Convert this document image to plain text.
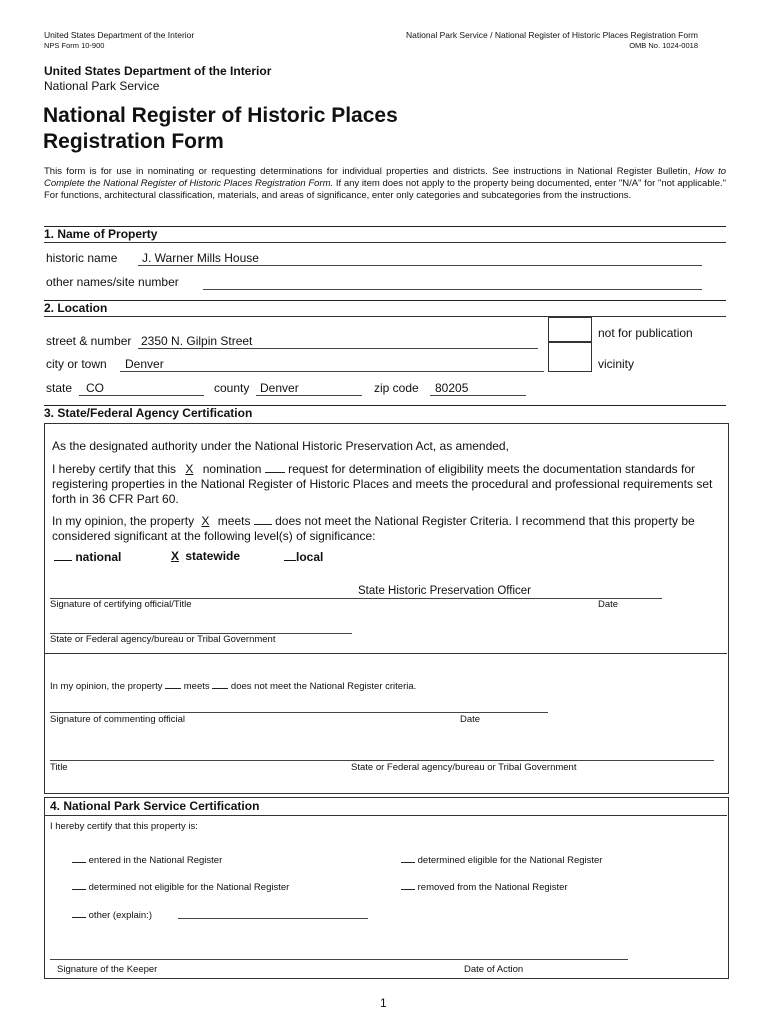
United States Department of the Interior
NPS Form 10-900
National Park Service / National Register of Historic Places Registration Form
OMB No. 1024-0018
United States Department of the Interior
National Park Service
National Register of Historic Places
Registration Form
This form is for use in nominating or requesting determinations for individual properties and districts. See instructions in National Register Bulletin, How to Complete the National Register of Historic Places Registration Form. If any item does not apply to the property being documented, enter "N/A" for "not applicable." For functions, architectural classification, materials, and areas of significance, enter only categories and subcategories from the instructions.
1. Name of Property
historic name J. Warner Mills House
other names/site number
2. Location
not for publication
vicinity
street & number 2350 N. Gilpin Street
city or town Denver
state CO	county Denver	zip code 80205
3. State/Federal Agency Certification
As the designated authority under the National Historic Preservation Act, as amended,
I hereby certify that this X nomination  request for determination of eligibility meets the documentation standards for registering properties in the National Register of Historic Places and meets the procedural and professional requirements set forth in 36 CFR Part 60.
In my opinion, the property X meets  does not meet the National Register Criteria. I recommend that this property be considered significant at the following level(s) of significance:
national	X statewide	local
State Historic Preservation Officer
Signature of certifying official/Title	Date
State or Federal agency/bureau or Tribal Government
In my opinion, the property  meets  does not meet the National Register criteria.
Signature of commenting official	Date
Title	State or Federal agency/bureau or Tribal Government
4. National Park Service Certification
I hereby certify that this property is:
entered in the National Register	determined eligible for the National Register
determined not eligible for the National Register	removed from the National Register
other (explain:)
Signature of the Keeper	Date of Action
1
